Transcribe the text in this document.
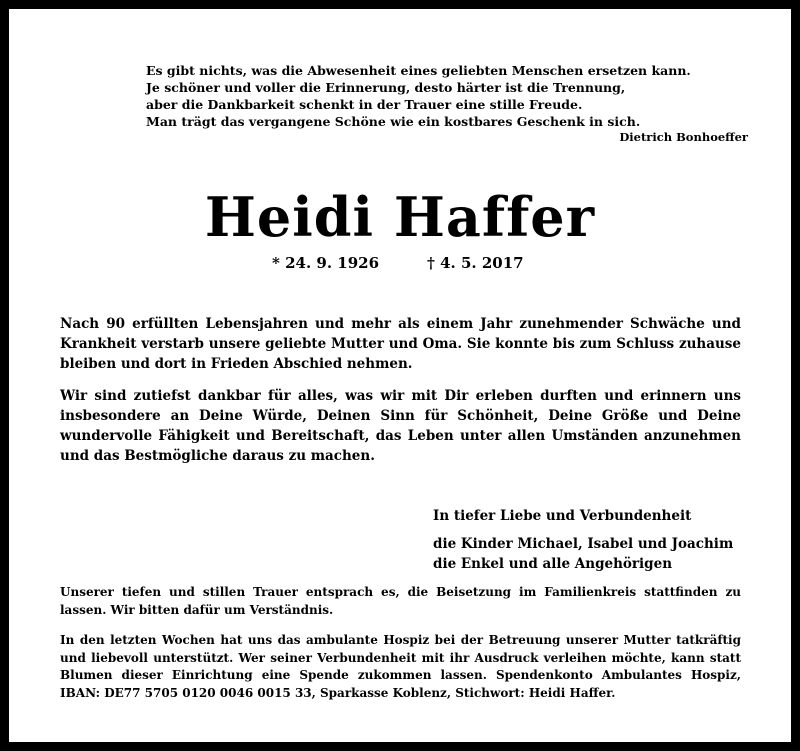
Es gibt nichts, was die Abwesenheit eines geliebten Menschen ersetzen kann.
Je schöner und voller die Erinnerung, desto härter ist die Trennung,
aber die Dankbarkeit schenkt in der Trauer eine stille Freude.
Man trägt das vergangene Schöne wie ein kostbares Geschenk in sich.
Dietrich Bonhoeffer
Heidi Haffer
* 24. 9. 1926	† 4. 5. 2017
Nach 90 erfüllten Lebensjahren und mehr als einem Jahr zunehmender Schwäche und Krankheit verstarb unsere geliebte Mutter und Oma. Sie konnte bis zum Schluss zuhause bleiben und dort in Frieden Abschied nehmen.
Wir sind zutiefst dankbar für alles, was wir mit Dir erleben durften und erinnern uns insbesondere an Deine Würde, Deinen Sinn für Schönheit, Deine Größe und Deine wundervolle Fähigkeit und Bereitschaft, das Leben unter allen Umständen anzunehmen und das Bestmögliche daraus zu machen.
In tiefer Liebe und Verbundenheit
die Kinder Michael, Isabel und Joachim
die Enkel und alle Angehörigen
Unserer tiefen und stillen Trauer entsprach es, die Beisetzung im Familienkreis stattfinden zu lassen. Wir bitten dafür um Verständnis.
In den letzten Wochen hat uns das ambulante Hospiz bei der Betreuung unserer Mutter tatkräftig und liebevoll unterstützt. Wer seiner Verbundenheit mit ihr Ausdruck verleihen möchte, kann statt Blumen dieser Einrichtung eine Spende zukommen lassen. Spendenkonto Ambulantes Hospiz, IBAN: DE77 5705 0120 0046 0015 33, Sparkasse Koblenz, Stichwort: Heidi Haffer.
